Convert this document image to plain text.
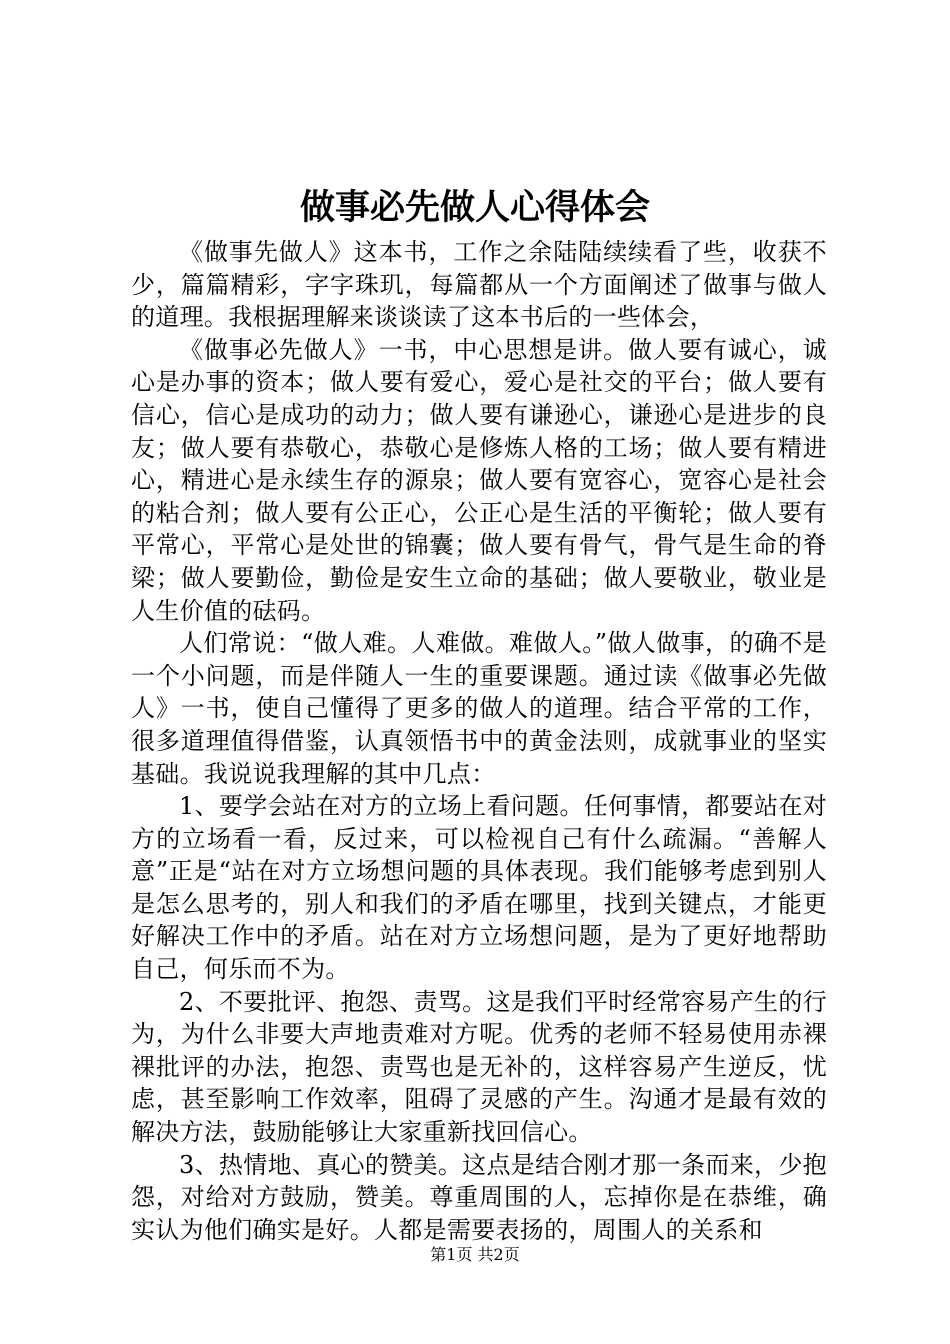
做事必先做人心得体会

《做事先做人》这本书，工作之余陆陆续续看了些，收获不少，篇篇精彩，字字珠玑，每篇都从一个方面阐述了做事与做人的道理。我根据理解来谈谈读了这本书后的一些体会，

《做事必先做人》一书，中心思想是讲。做人要有诚心，诚心是办事的资本；做人要有爱心，爱心是社交的平台；做人要有信心，信心是成功的动力；做人要有谦逊心，谦逊心是进步的良友；做人要有恭敬心，恭敬心是修炼人格的工场；做人要有精进心，精进心是永续生存的源泉；做人要有宽容心，宽容心是社会的粘合剂；做人要有公正心，公正心是生活的平衡轮；做人要有平常心，平常心是处世的锦囊；做人要有骨气，骨气是生命的脊梁；做人要勤俭，勤俭是安生立命的基础；做人要敬业，敬业是人生价值的砝码。

人们常说：“做人难。人难做。难做人。”做人做事，的确不是一个小问题，而是伴随人一生的重要课题。通过读《做事必先做人》一书，使自己懂得了更多的做人的道理。结合平常的工作，很多道理值得借鉴，认真领悟书中的黄金法则，成就事业的坚实基础。我说说我理解的其中几点：

1、要学会站在对方的立场上看问题。任何事情，都要站在对方的立场看一看，反过来，可以检视自己有什么疏漏。“善解人意”正是“站在对方立场想问题的具体表现。我们能够考虑到别人是怎么思考的，别人和我们的矛盾在哪里，找到关键点，才能更好解决工作中的矛盾。站在对方立场想问题，是为了更好地帮助自己，何乐而不为。

2、不要批评、抱怨、责骂。这是我们平时经常容易产生的行为，为什么非要大声地责难对方呢。优秀的老师不轻易使用赤裸裸批评的办法，抱怨、责骂也是无补的，这样容易产生逆反，忧虑，甚至影响工作效率，阻碍了灵感的产生。沟通才是最有效的解决方法，鼓励能够让大家重新找回信心。

3、热情地、真心的赞美。这点是结合刚才那一条而来，少抱怨，对给对方鼓励，赞美。尊重周围的人，忘掉你是在恭维，确实认为他们确实是好。人都是需要表扬的，周围人的关系和

第1页 共2页
